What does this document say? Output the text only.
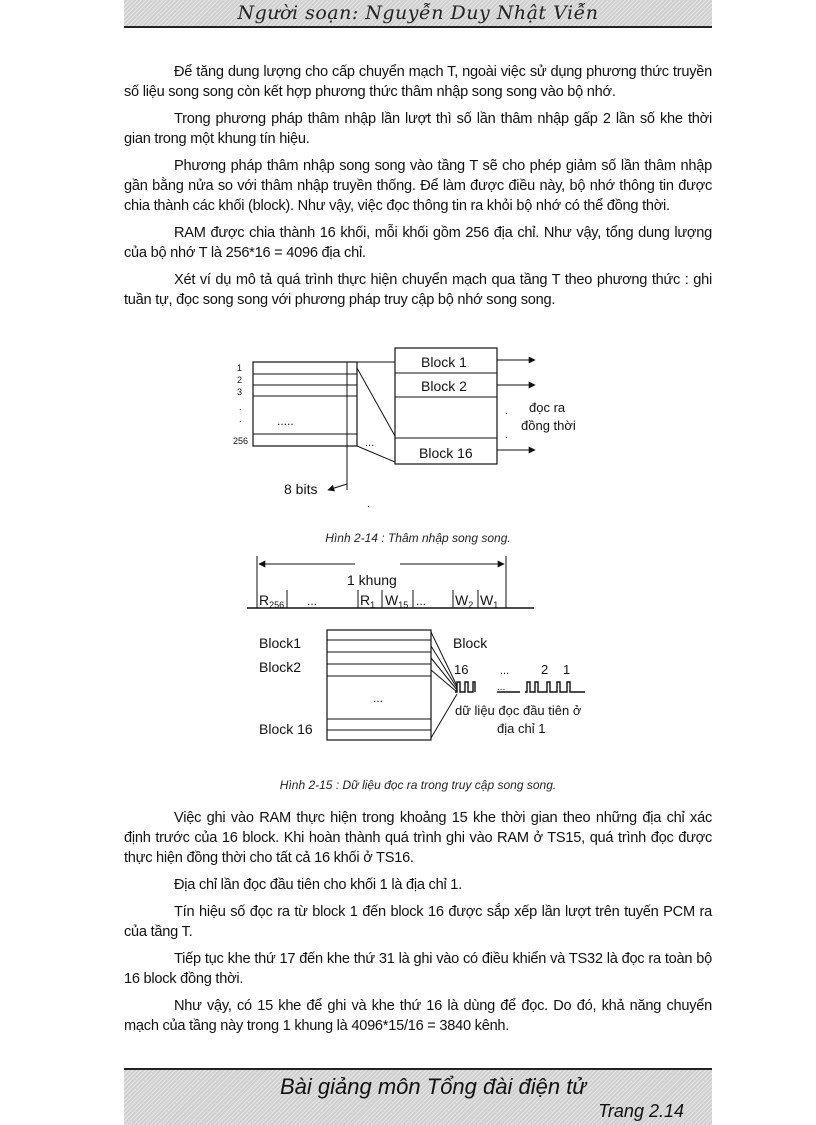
Người soạn: Nguyễn Duy Nhật Viễn

Để tăng dung lượng cho cấp chuyển mạch T, ngoài việc sử dụng phương thức truyền số liệu song song còn kết hợp phương thức thâm nhập song song vào bộ nhớ.

Trong phương pháp thâm nhập lần lượt thì số lần thâm nhập gấp 2 lần số khe thời gian trong một khung tín hiệu.

Phương pháp thâm nhập song song vào tầng T sẽ cho phép giảm số lần thâm nhập gần bằng nửa so với thâm nhập truyền thống. Để làm được điều này, bộ nhớ thông tin được chia thành các khối (block). Như vậy, việc đọc thông tin ra khỏi bộ nhớ có thể đồng thời.

RAM được chia thành 16 khối, mỗi khối gồm 256 địa chỉ. Như vậy, tổng dung lượng của bộ nhớ T là 256*16 = 4096 địa chỉ.

Xét ví dụ mô tả quá trình thực hiện chuyển mạch qua tầng T theo phương thức : ghi tuần tự, đọc song song với phương pháp truy cập bộ nhớ song song.

1
2
3
.
.
256
.....
...
8 bits
.
Block 1
Block 2
Block 16
.
.
đọc ra
đồng thời
Hình 2-14 : Thâm nhập song song.
1 khung
$R_{256}$ ...	$R_1$ $W_{15}$ ... $W_2$ $W_1$
Block1
Block2
Block 16
...
Block
16	... 2 1
...
dữ liệu đọc đầu tiên ở
địa chỉ 1
Hình 2-15 : Dữ liệu đọc ra trong truy cập song song.

Việc ghi vào RAM thực hiện trong khoảng 15 khe thời gian theo những địa chỉ xác định trước của 16 block. Khi hoàn thành quá trình ghi vào RAM ở TS15, quá trình đọc được thực hiện đồng thời cho tất cả 16 khối ở TS16.

Địa chỉ lần đọc đầu tiên cho khối 1 là địa chỉ 1.

Tín hiệu số đọc ra từ block 1 đến block 16 được sắp xếp lần lượt trên tuyến PCM ra của tầng T.

Tiếp tục khe thứ 17 đến khe thứ 31 là ghi vào có điều khiển và TS32 là đọc ra toàn bộ 16 block đồng thời.

Như vậy, có 15 khe để ghi và khe thứ 16 là dùng để đọc. Do đó, khả năng chuyển mạch của tầng này trong 1 khung là 4096*15/16 = 3840 kênh.

Bài giảng môn Tổng đài điện tử
Trang 2.14
